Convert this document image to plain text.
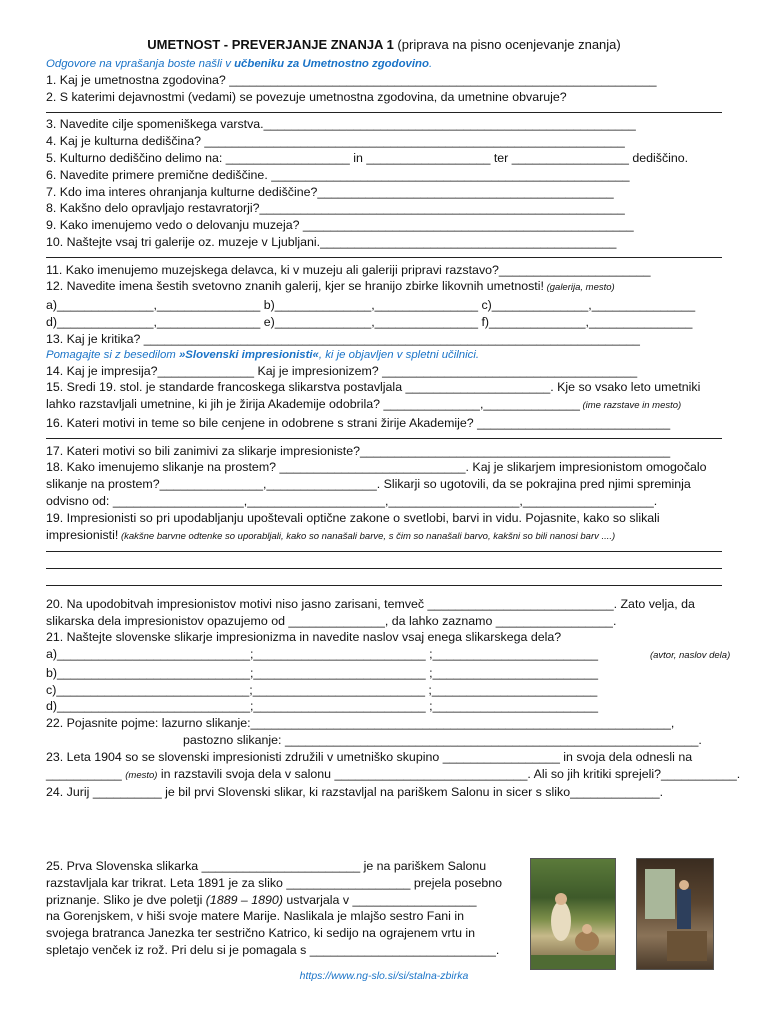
UMETNOST - PREVERJANJE ZNANJA 1 (priprava na pisno ocenjevanje znanja)
Odgovore na vprašanja boste našli v učbeniku za Umetnostno zgodovino.
1. Kaj je umetnostna zgodovina? ______________________________________________________________
2. S katerimi dejavnostmi (vedami) se povezuje umetnostna zgodovina, da umetnine obvaruje?
3. Navedite cilje spomeniškega varstva.______________________________________________________
4. Kaj je kulturna dediščina? _____________________________________________________________
5. Kulturno dediščino delimo na: __________________ in __________________ ter _________________ dediščino.
6. Navedite primere premične dediščine. ____________________________________________________
7. Kdo ima interes ohranjanja kulturne dediščine?___________________________________________
8. Kakšno delo opravljajo restavratorji?_____________________________________________________
9. Kako imenujemo vedo o delovanju muzeja? ________________________________________________
10. Naštejte vsaj tri galerije oz. muzeje v Ljubljani.___________________________________________
11. Kako imenujemo muzejskega delavca, ki v muzeju ali galeriji pripravi razstavo?______________________
12. Navedite imena šestih svetovno znanih galerij, kjer se hranijo zbirke likovnih umetnosti! (galerija, mesto)
a)______________,_______________ b)______________,_______________ c)______________,_______________
d)______________,_______________ e)______________,_______________ f)______________,_______________
13. Kaj je kritika? ________________________________________________________________________
Pomagajte si z besedilom »Slovenski impresionisti«, ki je objavljen v spletni učilnici.
14. Kaj je impresija?______________ Kaj je impresionizem? _____________________________________
15. Sredi 19. stol. je standarde francoskega slikarstva postavljala _____________________. Kje so vsako leto umetniki
lahko razstavljali umetnine, ki jih je žirija Akademije odobrila? ______________,______________ (ime razstave in mesto)
16. Kateri motivi in teme so bile cenjene in odobrene s strani žirije Akademije? ____________________________
17. Kateri motivi so bili zanimivi za slikarje impresioniste?_____________________________________________
18. Kako imenujemo slikanje na prostem? ___________________________. Kaj je slikarjem impresionistom omogočalo
slikanje na prostem?_______________,________________. Slikarji so ugotovili, da se pokrajina pred njimi spreminja
odvisno od: ___________________,____________________,___________________,___________________.
19. Impresionisti so pri upodabljanju upoštevali optične zakone o svetlobi, barvi in vidu. Pojasnite, kako so slikali
impresionisti! (kakšne barvne odtenke so uporabljali, kako so nanašali barve, s čim so nanašali barvo, kakšni so bili nanosi barv ....)
20. Na upodobitvah impresionistov motivi niso jasno zarisani, temveč ___________________________. Zato velja, da
slikarska dela impresionistov opazujemo od ______________, da lahko zaznamo _________________.
21. Naštejte slovenske slikarje impresionizma in navedite naslov vsaj enega slikarskega dela?
a)____________________________;_________________________ ;________________________	(avtor, naslov dela)
b)____________________________;_________________________ ;________________________
c)____________________________;_________________________ ;________________________
d)____________________________;_________________________ ;________________________
22. Pojasnite pojme: lazurno slikanje:_____________________________________________________________,
pastozno slikanje: ____________________________________________________________.
23. Leta 1904 so se slovenski impresionisti združili v umetniško skupino _________________ in svoja dela odnesli na
___________ (mesto) in razstavili svoja dela v salonu ____________________________. Ali so jih kritiki sprejeli?___________.
24. Jurij __________ je bil prvi Slovenski slikar, ki razstavljal na pariškem Salonu in sicer s sliko_____________.
25. Prva Slovenska slikarka _______________________ je na pariškem Salonu
razstavljala kar trikrat. Leta 1891 je za sliko __________________ prejela posebno
priznanje. Sliko je dve poletji (1889 – 1890) ustvarjala v __________________
na Gorenjskem, v hiši svoje matere Marije. Naslikala je mlajšo sestro Fani in
svojega bratranca Janezka ter sestrično Katrico, ki sedijo na ograjenem vrtu in
spletajo venček iz rož. Pri delu si je pomagala s ___________________________.
https://www.ng-slo.si/si/stalna-zbirka
